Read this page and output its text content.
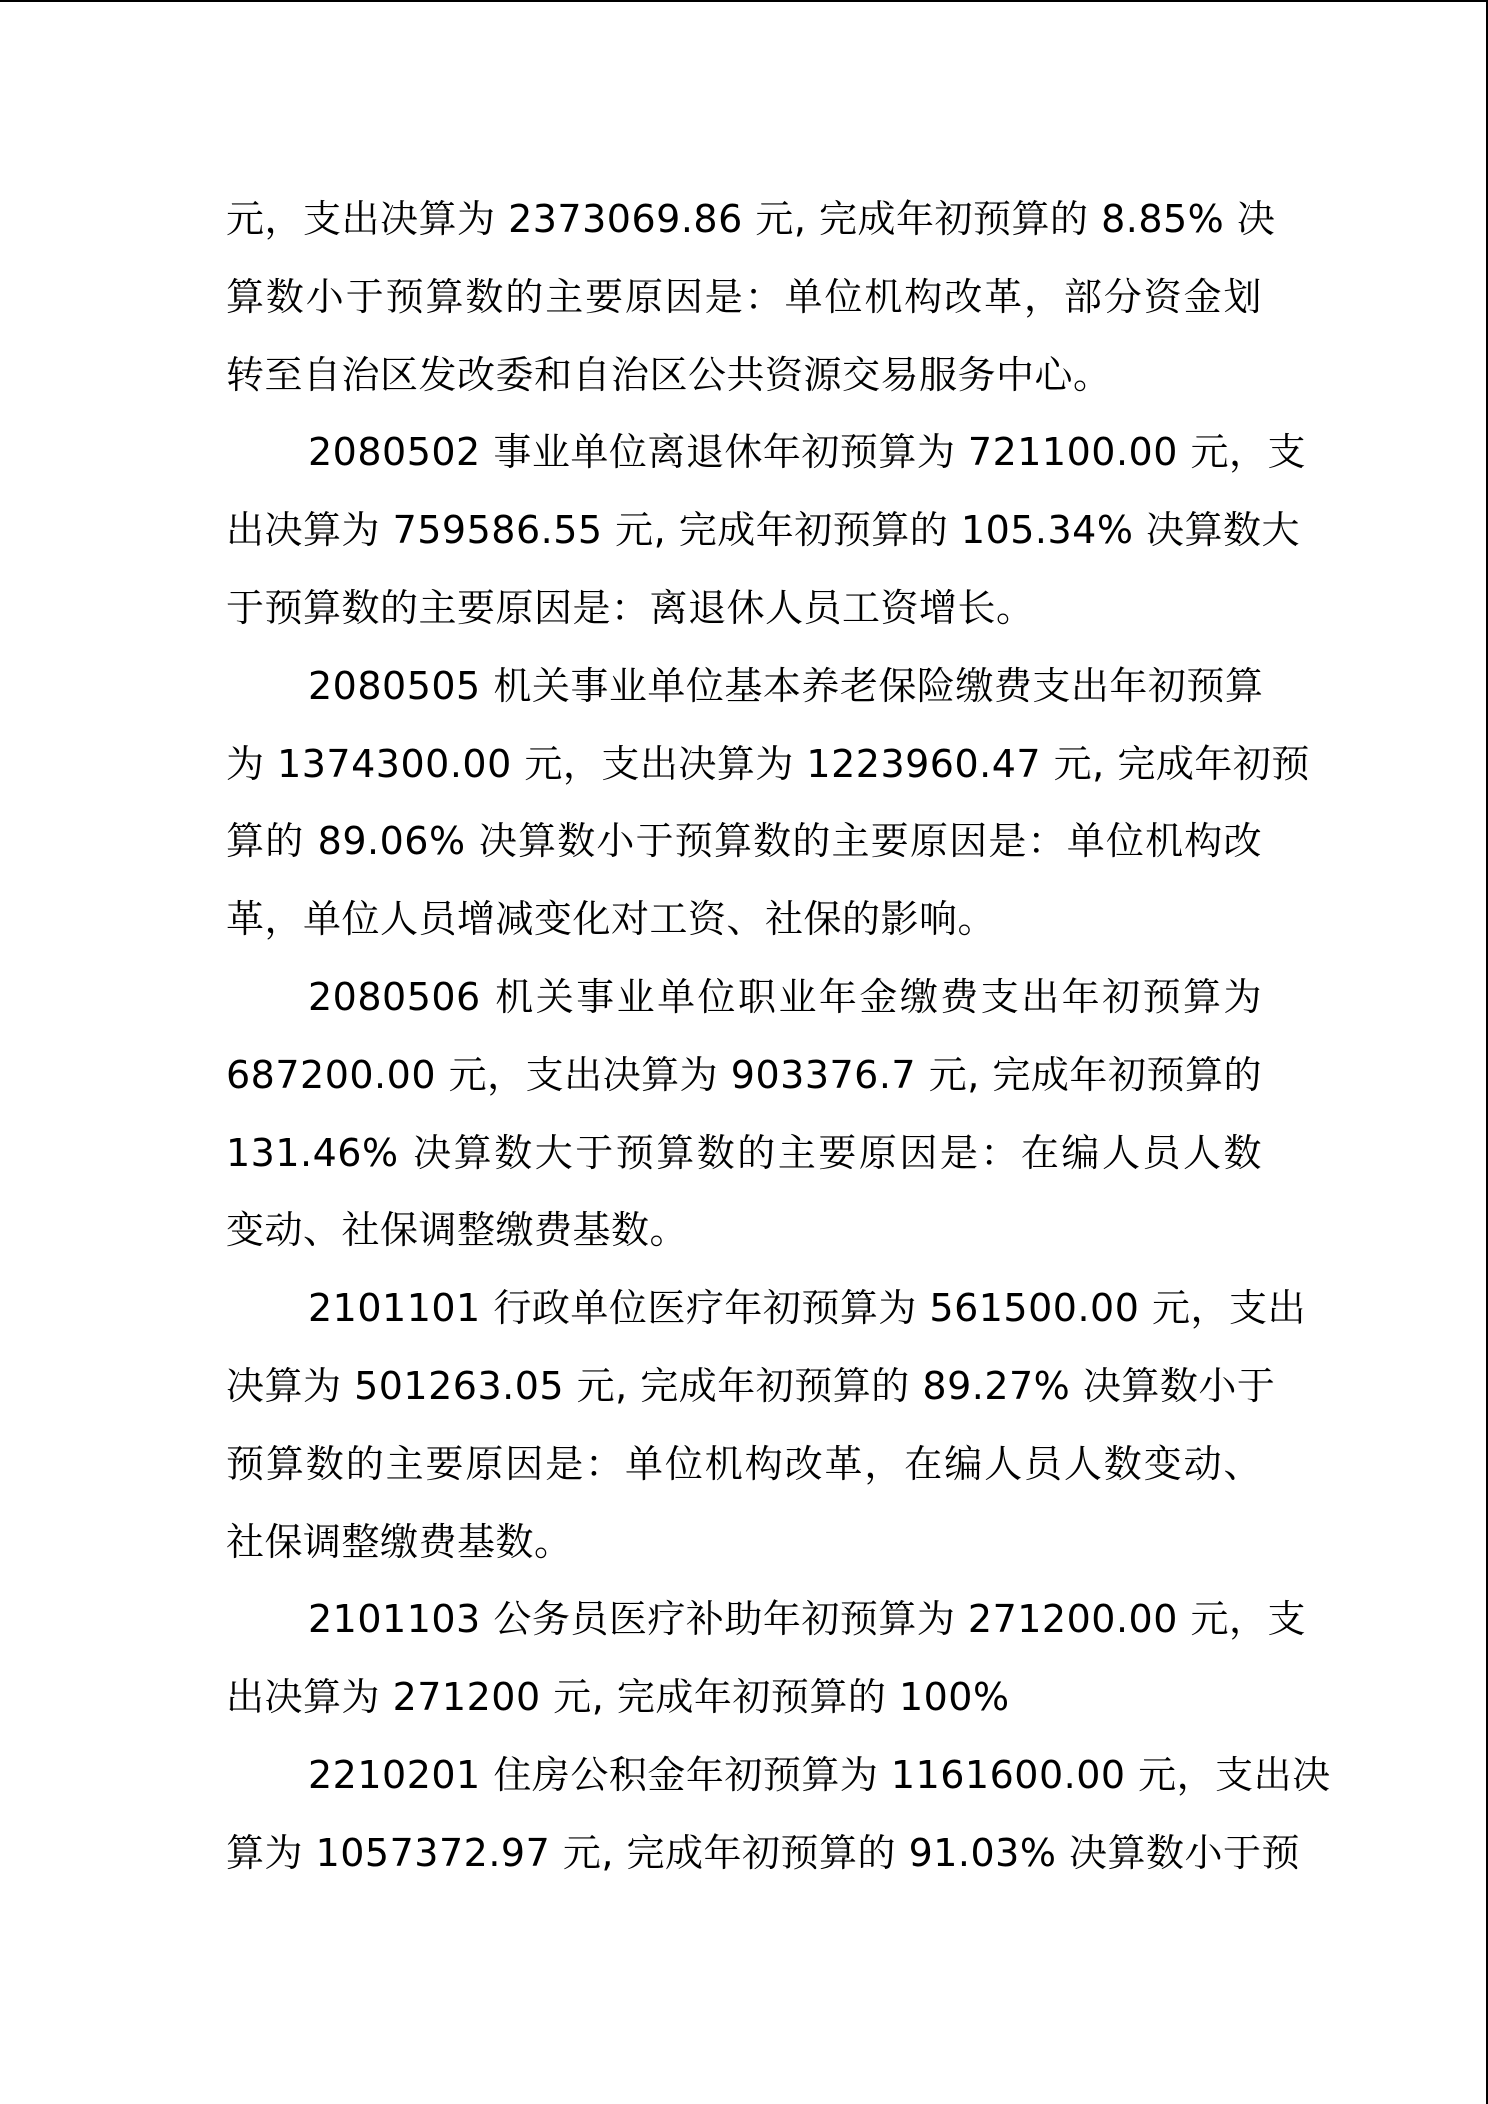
元，支出决算为 2373069.86 元, 完成年初预算的 8.85% 决
算数小于预算数的主要原因是：单位机构改革，部分资金划
转至自治区发改委和自治区公共资源交易服务中心。
2080502 事业单位离退休年初预算为 721100.00 元，支
出决算为 759586.55 元, 完成年初预算的 105.34% 决算数大
于预算数的主要原因是：离退休人员工资增长。
2080505 机关事业单位基本养老保险缴费支出年初预算
为 1374300.00 元，支出决算为 1223960.47 元, 完成年初预
算的 89.06% 决算数小于预算数的主要原因是：单位机构改
革，单位人员增减变化对工资、社保的影响。
2080506 机关事业单位职业年金缴费支出年初预算为
687200.00 元，支出决算为 903376.7 元, 完成年初预算的
131.46% 决算数大于预算数的主要原因是：在编人员人数
变动、社保调整缴费基数。
2101101 行政单位医疗年初预算为 561500.00 元，支出
决算为 501263.05 元, 完成年初预算的 89.27% 决算数小于
预算数的主要原因是：单位机构改革，在编人员人数变动、
社保调整缴费基数。
2101103 公务员医疗补助年初预算为 271200.00 元，支
出决算为 271200 元, 完成年初预算的 100%
2210201 住房公积金年初预算为 1161600.00 元，支出决
算为 1057372.97 元, 完成年初预算的 91.03% 决算数小于预
